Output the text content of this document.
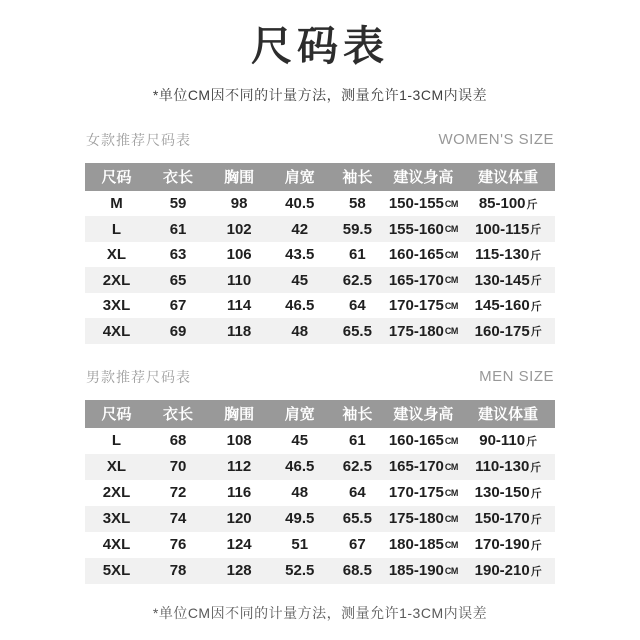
尺码表

*单位CM因不同的计量方法，测量允许1-3CM内误差

女款推荐尺码表	WOMEN'S SIZE
尺码	衣长	胸围	肩宽	袖长	建议身高	建议体重
M	59	98	40.5	58	150-155 CM	85-100 斤
L	61	102	42	59.5	155-160 CM	100-115 斤
XL	63	106	43.5	61	160-165 CM	115-130 斤
2XL	65	110	45	62.5	165-170 CM	130-145 斤
3XL	67	114	46.5	64	170-175 CM	145-160 斤
4XL	69	118	48	65.5	175-180 CM	160-175 斤
男款推荐尺码表	MEN SIZE
尺码	衣长	胸围	肩宽	袖长	建议身高	建议体重
L	68	108	45	61	160-165 CM	90-110 斤
XL	70	112	46.5	62.5	165-170 CM	110-130 斤
2XL	72	116	48	64	170-175 CM	130-150 斤
3XL	74	120	49.5	65.5	175-180 CM	150-170 斤
4XL	76	124	51	67	180-185 CM	170-190 斤
5XL	78	128	52.5	68.5	185-190 CM	190-210 斤

*单位CM因不同的计量方法，测量允许1-3CM内误差
